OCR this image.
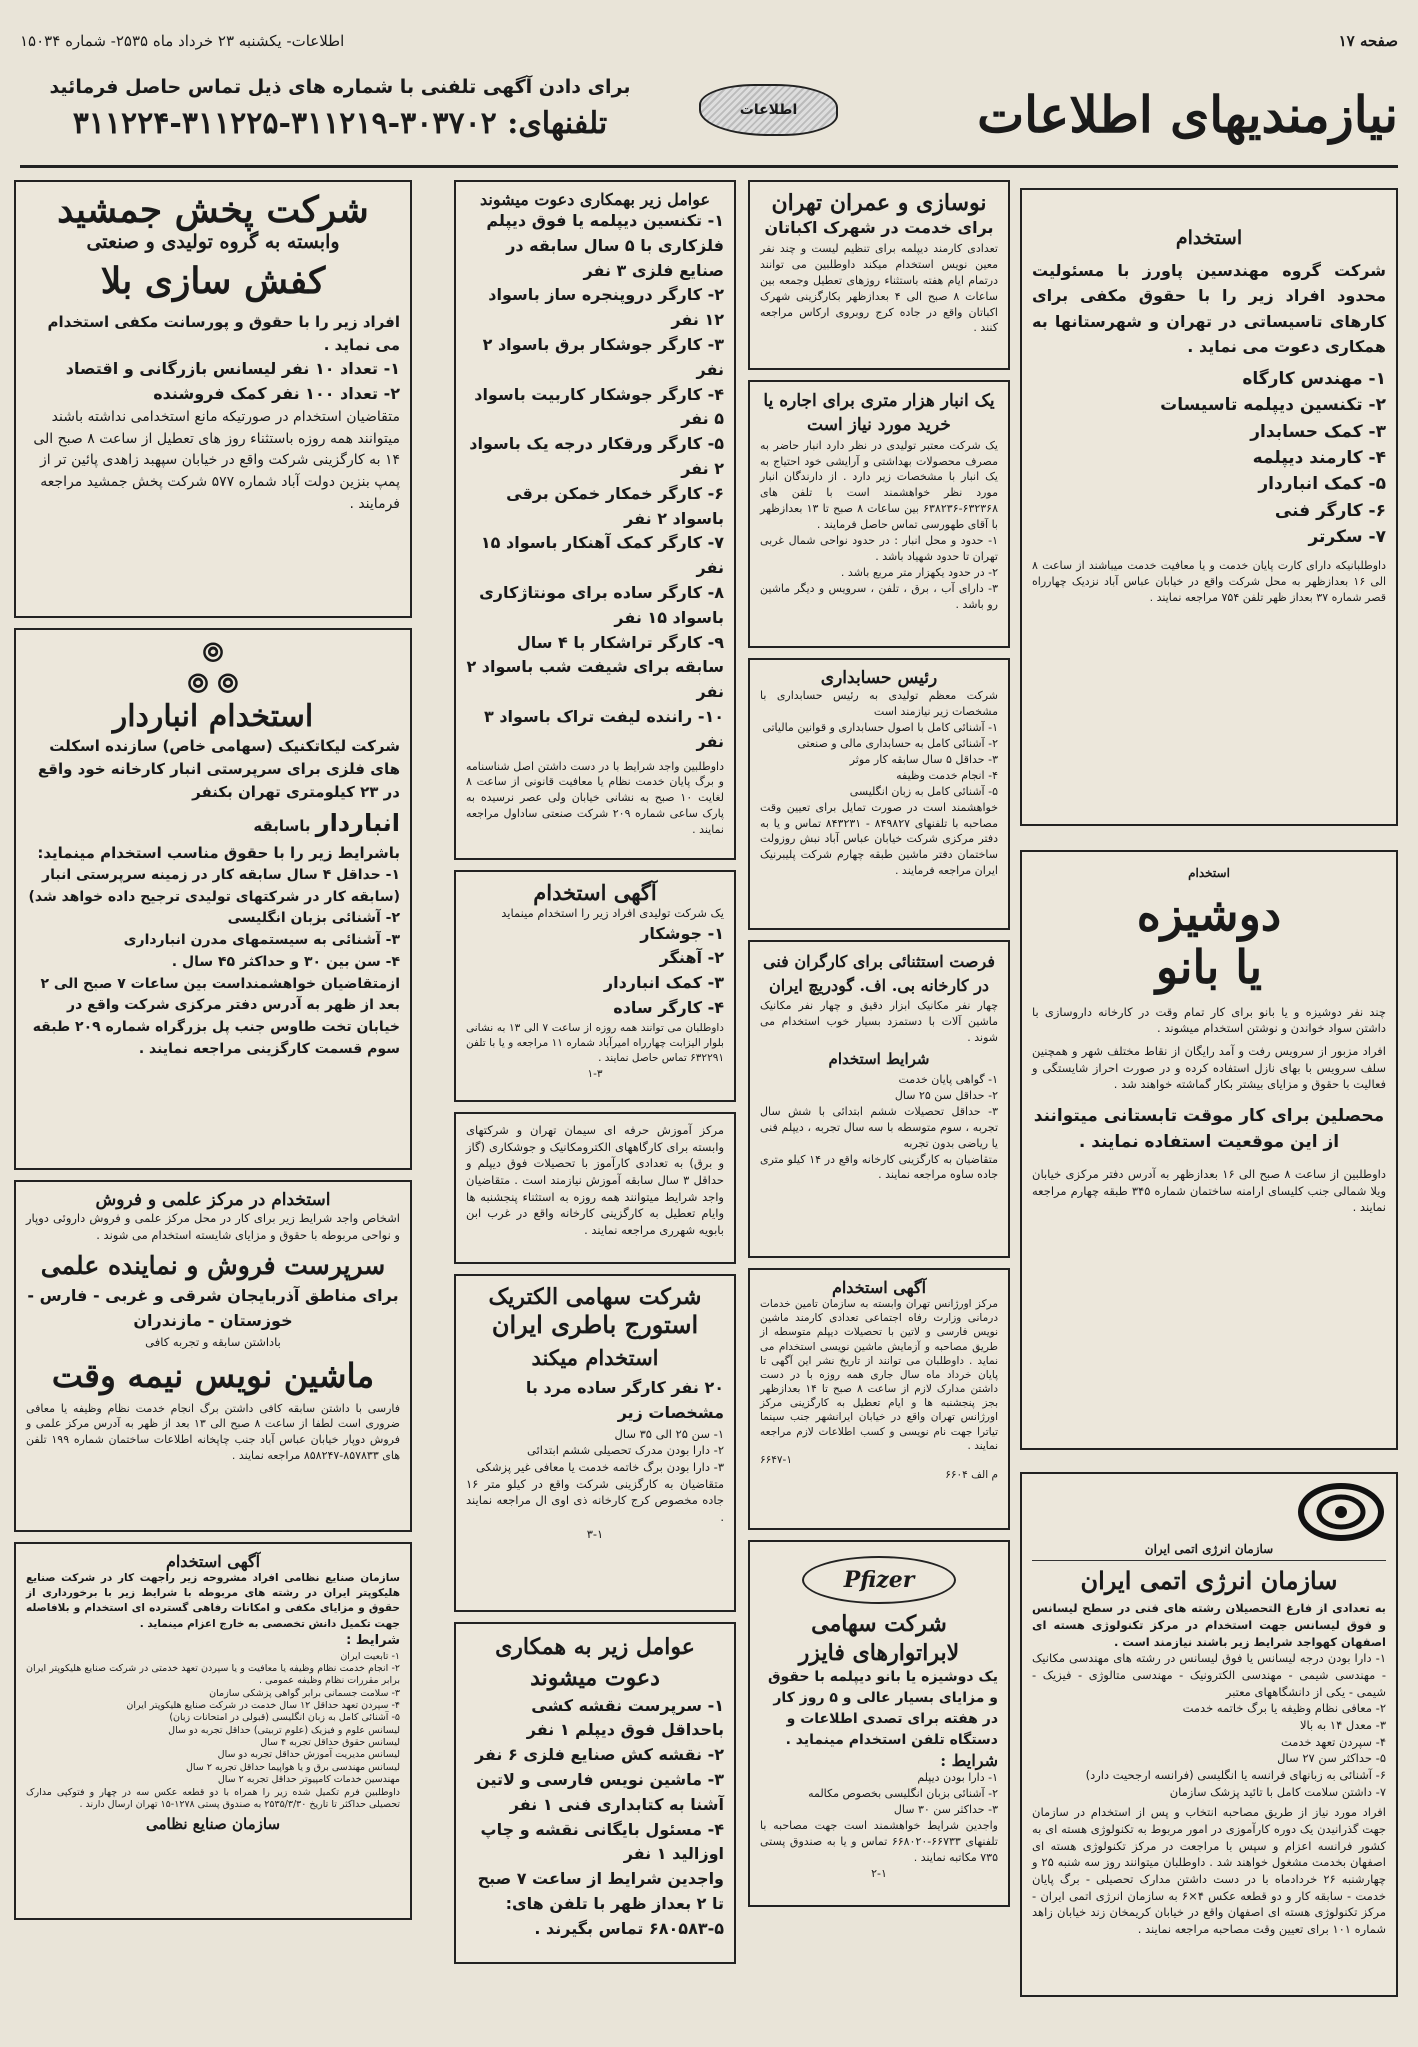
صفحه ۱۷
اطلاعات- یکشنبه ۲۳ خرداد ماه ۲۵۳۵- شماره ۱۵۰۳۴
نیازمندیهای اطلاعات
اطلاعات
برای دادن آگهی تلفنی با شماره های ذیل تماس حاصل فرمائید
تلفنهای: ۳۰۳۷۰۲-۳۱۱۲۱۹-۳۱۱۲۲۵-۳۱۱۲۲۴
استخدام
شرکت گروه مهندسین پاورز با مسئولیت محدود افراد زیر را با حقوق مکفی برای کارهای تاسیساتی در تهران و شهرستانها به همکاری دعوت می نماید .
۱- مهندس کارگاه
۲- تکنسین دیپلمه تاسیسات
۳- کمک حسابدار
۴- کارمند دیپلمه
۵- کمک انباردار
۶- کارگر فنی
۷- سکرتر
داوطلبانیکه دارای کارت پایان خدمت و یا معافیت خدمت میباشند از ساعت ۸ الی ۱۶ بعدازظهر به محل شرکت واقع در خیابان عباس آباد نزدیک چهارراه قصر شماره ۳۷ بعداز ظهر تلفن ۷۵۴ مراجعه نمایند .
استخدام
دوشیزه
یا بانو
چند نفر دوشیزه و یا بانو برای کار تمام وقت در کارخانه داروسازی با داشتن سواد خواندن و نوشتن استخدام میشوند .
افراد مزبور از سرویس رفت و آمد رایگان از نقاط مختلف شهر و همچنین سلف سرویس با بهای نازل استفاده کرده و در صورت احراز شایستگی و فعالیت با حقوق و مزایای بیشتر بکار گماشته خواهند شد .
محصلین برای کار موقت تابستانی میتوانند از این موقعیت استفاده نمایند .
داوطلبین از ساعت ۸ صبح الی ۱۶ بعدازظهر به آدرس دفتر مرکزی خیابان ویلا شمالی جنب کلیسای ارامنه ساختمان شماره ۳۴۵ طبقه چهارم مراجعه نمایند .
سازمان انرژی اتمی ایران
سازمان انرژی اتمی ایران
به تعدادی از فارغ التحصیلان رشته های فنی در سطح لیسانس و فوق لیسانس جهت استخدام در مرکز تکنولوژی هسته ای اصفهان کهواجد شرایط زیر باشند نیازمند است .
۱- دارا بودن درجه لیسانس یا فوق لیسانس در رشته های مهندسی مکانیک - مهندسی شیمی - مهندسی الکترونیک - مهندسی متالوژی - فیزیک - شیمی - یکی از دانشگاههای معتبر
۲- معافی نظام وظیفه یا برگ خاتمه خدمت
۳- معدل ۱۴ به بالا
۴- سپردن تعهد خدمت
۵- حداکثر سن ۲۷ سال
۶- آشنائی به زبانهای فرانسه یا انگلیسی (فرانسه ارجحیت دارد)
۷- داشتن سلامت کامل با تائید پزشک سازمان
افراد مورد نیاز از طریق مصاحبه انتخاب و پس از استخدام در سازمان جهت گذرانیدن یک دوره کارآموزی در امور مربوط به تکنولوژی هسته ای به کشور فرانسه اعزام و سپس با مراجعت در مرکز تکنولوژی هسته ای اصفهان بخدمت مشغول خواهند شد . داوطلبان میتوانند روز سه شنبه ۲۵ و چهارشنبه ۲۶ خردادماه با در دست داشتن مدارک تحصیلی - برگ پایان خدمت - سابقه کار و دو قطعه عکس ۴×۶ به سازمان انرژی اتمی ایران - مرکز تکنولوژی هسته ای اصفهان واقع در خیابان کریمخان زند خیابان زاهد شماره ۱۰۱ برای تعیین وقت مصاحبه مراجعه نمایند .
نوسازی و عمران تهران
برای خدمت در شهرک اکباتان
تعدادی کارمند دیپلمه برای تنظیم لیست و چند نفر معین نویس استخدام میکند داوطلبین می توانند درتمام ایام هفته باستثناء روزهای تعطیل وجمعه بین ساعات ۸ صبح الی ۴ بعدازظهر بکارگزینی شهرک اکباتان واقع در جاده کرج روبروی ارکاس مراجعه کنند .
یک انبار هزار متری برای اجاره یا خرید مورد نیاز است
یک شرکت معتبر تولیدی در نظر دارد انبار حاضر به مصرف محصولات بهداشتی و آرایشی خود احتیاج به یک انبار با مشخصات زیر دارد . از دارندگان انبار مورد نظر خواهشمند است با تلفن های ۶۳۲۳۶۸-۶۳۸۲۳۶ بین ساعات ۸ صبح تا ۱۳ بعدازظهر با آقای طهورسی تماس حاصل فرمایند .
۱- حدود و محل انبار : در حدود نواحی شمال غربی تهران تا حدود شهیاد باشد .
۲- در حدود یکهزار متر مربع باشد .
۳- دارای آب ، برق ، تلفن ، سرویس و دیگر ماشین رو باشد .
رئیس حسابداری
شرکت معظم تولیدی به رئیس حسابداری با مشخصات زیر نیازمند است
۱- آشنائی کامل با اصول حسابداری و قوانین مالیاتی
۲- آشنائی کامل به حسابداری مالی و صنعتی
۳- حداقل ۵ سال سابقه کار موثر
۴- انجام خدمت وظیفه
۵- آشنائی کامل به زبان انگلیسی
خواهشمند است در صورت تمایل برای تعیین وقت مصاحبه با تلفنهای ۸۴۹۸۲۷ - ۸۴۳۲۳۱ تماس و یا به دفتر مرکزی شرکت خیابان عباس آباد نبش روزولت ساختمان دفتر ماشین طبقه چهارم شرکت پلیبرنیک ایران مراجعه فرمایند .
فرصت استثنائی برای کارگران فنی در کارخانه بی. اف. گودریچ ایران
چهار نفر مکانیک ابزار دقیق و چهار نفر مکانیک ماشین آلات با دستمزد بسیار خوب استخدام می شوند .
شرایط استخدام
۱- گواهی پایان خدمت
۲- حداقل سن ۲۵ سال
۳- حداقل تحصیلات ششم ابتدائی با شش سال تجربه ، سوم متوسطه با سه سال تجربه ، دیپلم فنی یا ریاضی بدون تجربه
متقاضیان به کارگزینی کارخانه واقع در ۱۴ کیلو متری جاده ساوه مراجعه نمایند .
آگهی استخدام
مرکز اورژانس تهران وابسته به سازمان تامین خدمات درمانی وزارت رفاه اجتماعی تعدادی کارمند ماشین نویس فارسی و لاتین با تحصیلات دیپلم متوسطه از طریق مصاحبه و آزمایش ماشین نویسی استخدام می نماید . داوطلبان می توانند از تاریخ نشر این آگهی تا پایان خرداد ماه سال جاری همه روزه با در دست داشتن مدارک لازم از ساعت ۸ صبح تا ۱۴ بعدازظهر بجز پنجشنبه ها و ایام تعطیل به کارگزینی مرکز اورژانس تهران واقع در خیابان ایرانشهر جنب سینما تیاترا جهت نام نویسی و کسب اطلاعات لازم مراجعه نمایند .
۶۶۴۷-۱
م الف ۶۶۰۴
Pfizer
شرکت سهامی لابراتوارهای فایزر
یک دوشیزه یا بانو دیپلمه با حقوق و مزایای بسیار عالی و ۵ روز کار در هفته برای تصدی اطلاعات و دستگاه تلفن استخدام مینماید .
شرایط :
۱- دارا بودن دیپلم
۲- آشنائی بزبان انگلیسی بخصوص مکالمه
۳- حداکثر سن ۳۰ سال
واجدین شرایط خواهشمند است جهت مصاحبه با تلفنهای ۶۶۷۳۳-۶۶۸۰۲۰ تماس و یا به صندوق پستی ۷۳۵ مکاتبه نمایند .
۲-۱
عوامل زیر بهمکاری دعوت میشوند
۱- تکنسین دیپلمه یا فوق دیپلم فلزکاری با ۵ سال سابقه در صنایع فلزی ۳ نفر
۲- کارگر دروپنجره ساز باسواد ۱۲ نفر
۳- کارگر جوشکار برق باسواد ۲ نفر
۴- کارگر جوشکار کاربیت باسواد ۵ نفر
۵- کارگر ورقکار درجه یک باسواد ۲ نفر
۶- کارگر خمکار خمکن برقی باسواد ۲ نفر
۷- کارگر کمک آهنکار باسواد ۱۵ نفر
۸- کارگر ساده برای مونتاژکاری باسواد ۱۵ نفر
۹- کارگر تراشکار با ۴ سال سابقه برای شیفت شب باسواد ۲ نفر
۱۰- راننده لیفت تراک باسواد ۳ نفر
داوطلبین واجد شرایط با در دست داشتن اصل شناسنامه و برگ پایان خدمت نظام یا معافیت قانونی از ساعت ۸ لغایت ۱۰ صبح به نشانی خیابان ولی عصر نرسیده به پارک ساعی شماره ۲۰۹ شرکت صنعتی ساداول مراجعه نمایند .
آگهی استخدام
یک شرکت تولیدی افراد زیر را استخدام مینماید
۱- جوشکار
۲- آهنگر
۳- کمک انباردار
۴- کارگر ساده
داوطلبان می توانند همه روزه از ساعت ۷ الی ۱۳ به نشانی بلوار الیزابت چهارراه امیرآباد شماره ۱۱ مراجعه و یا با تلفن ۶۳۲۲۹۱ تماس حاصل نمایند .
۱-۳
مرکز آموزش حرفه ای سیمان تهران و شرکتهای وابسته برای کارگاههای الکترومکانیک و جوشکاری (گاز و برق) به تعدادی کارآموز با تحصیلات فوق دیپلم و حداقل ۳ سال سابقه آموزش نیازمند است . متقاضیان واجد شرایط میتوانند همه روزه به استثناء پنجشنبه ها وایام تعطیل به کارگزینی کارخانه واقع در غرب ابن بابویه شهرری مراجعه نمایند .
شرکت سهامی الکتریک
استورج باطری ایران
استخدام میکند
۲۰ نفر کارگر ساده مرد با مشخصات زیر
۱- سن ۲۵ الی ۳۵ سال
۲- دارا بودن مدرک تحصیلی ششم ابتدائی
۳- دارا بودن برگ خاتمه خدمت یا معافی غیر پزشکی
متقاضیان به کارگزینی شرکت واقع در کیلو متر ۱۶ جاده مخصوص کرج کارخانه ذی اوی ال مراجعه نمایند .
۳-۱
عوامل زیر به همکاری دعوت میشوند
۱- سرپرست نقشه کشی باحداقل فوق دیپلم ۱ نفر
۲- نقشه کش صنایع فلزی ۶ نفر
۳- ماشین نویس فارسی و لاتین آشنا به کتابداری فنی ۱ نفر
۴- مسئول بایگانی نقشه و چاپ اوزالید ۱ نفر
واجدین شرایط از ساعت ۷ صبح تا ۲ بعداز ظهر با تلفن های: ۵-۶۸۰۵۸۳ تماس بگیرند .
شرکت پخش جمشید
وابسته به گروه تولیدی و صنعتی
کفش سازی بلا
افراد زیر را با حقوق و پورسانت مکفی استخدام می نماید .
۱- تعداد ۱۰ نفر لیسانس بازرگانی و اقتصاد
۲- تعداد ۱۰۰ نفر کمک فروشنده
متقاضیان استخدام در صورتیکه مانع استخدامی نداشته باشند میتوانند همه روزه باستثناء روز های تعطیل از ساعت ۸ صبح الی ۱۴ به کارگزینی شرکت واقع در خیابان سپهبد زاهدی پائین تر از پمپ بنزین دولت آباد شماره ۵۷۷ شرکت پخش جمشید مراجعه فرمایند .
⦾
⦾ ⦾
استخدام انباردار
شرکت لیکاتکنیک (سهامی خاص) سازنده اسکلت های فلزی برای سرپرستی انبار کارخانه خود واقع در ۲۳ کیلومتری تهران بکنفر
انباردار باسابقه
باشرایط زیر را با حقوق مناسب استخدام مینماید:
۱- حداقل ۴ سال سابقه کار در زمینه سرپرستی انبار (سابقه کار در شرکتهای تولیدی ترجیح داده خواهد شد)
۲- آشنائی بزبان انگلیسی
۳- آشنائی به سیستمهای مدرن انبارداری
۴- سن بین ۳۰ و حداکثر ۴۵ سال .
ازمتقاضیان خواهشمنداست بین ساعات ۷ صبح الی ۲ بعد از ظهر به آدرس دفتر مرکزی شرکت واقع در خیابان تخت طاوس جنب پل بزرگراه شماره ۲۰۹ طبقه سوم قسمت کارگزینی مراجعه نمایند .
استخدام در مرکز علمی و فروش
اشخاص واجد شرایط زیر برای کار در محل مرکز علمی و فروش داروئی دوپار و نواحی مربوطه با حقوق و مزایای شایسته استخدام می شوند .
سرپرست فروش و نماینده علمی
برای مناطق آذربایجان شرقی و غربی - فارس - خوزستان - مازندران
باداشتن سابقه و تجربه کافی
ماشین نویس نیمه وقت
فارسی با داشتن سابقه کافی داشتن برگ انجام خدمت نظام وظیفه یا معافی ضروری است لطفا از ساعت ۸ صبح الی ۱۳ بعد از ظهر به آدرس مرکز علمی و فروش دوپار خیابان عباس آباد جنب چاپخانه اطلاعات ساختمان شماره ۱۹۹ تلفن های ۸۵۷۸۳۳-۸۵۸۲۴۷ مراجعه نمایند .
آگهی استخدام
سازمان صنایع نظامی افراد مشروحه زیر راجهت کار در شرکت صنایع هلیکوپتر ایران در رشته های مربوطه با شرایط زیر با برخورداری از حقوق و مزایای مکفی و امکانات رفاهی گسترده ای استخدام و بلافاصله جهت تکمیل دانش تخصصی به خارج اعزام مینماید .
شرایط :
۱- تابعیت ایران
۲- انجام خدمت نظام وظیفه یا معافیت و یا سپردن تعهد خدمتی در شرکت صنایع هلیکوپتر ایران برابر مقررات نظام وظیفه عمومی .
۳- سلامت جسمانی برابر گواهی پزشکی سازمان
۴- سپردن تعهد حداقل ۱۲ سال خدمت در شرکت صنایع هلیکوپتر ایران
۵- آشنائی کامل به زبان انگلیسی (قبولی در امتحانات زبان)
لیسانس علوم و فیزیک (علوم تربیتی) حداقل تجربه دو سال
لیسانس حقوق حداقل تجربه ۴ سال
لیسانس مدیریت آموزش حداقل تجربه دو سال
لیسانس مهندسی برق و یا هواپیما حداقل تجربه ۲ سال
مهندسین خدمات کامپیوتر حداقل تجربه ۲ سال
داوطلبین فرم تکمیل شده زیر را همراه با دو قطعه عکس سه در چهار و فتوکپی مدارک تحصیلی حداکثر تا تاریخ ۲۵۳۵/۳/۳۰ به صندوق پستی ۱۲۷۸-۱۵ تهران ارسال دارند .
سازمان صنایع نظامی
